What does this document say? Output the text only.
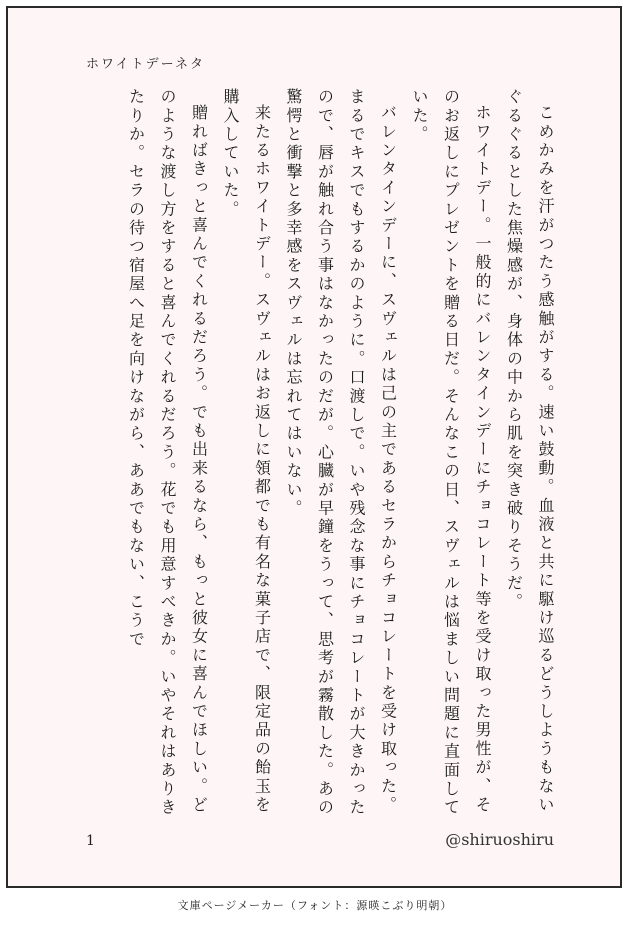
ホワイトデーネタ

こめかみを汗がつたう感触がする。速い鼓動。血液と共に駆け巡るどうしようもないぐるぐるとした焦燥感が、身体の中から肌を突き破りそうだ。

ホワイトデー。一般的にバレンタインデーにチョコレート等を受け取った男性が、そのお返しにプレゼントを贈る日だ。そんなこの日、スヴェルは悩ましい問題に直面していた。

バレンタインデーに、スヴェルは己の主であるセラからチョコレートを受け取った。まるでキスでもするかのように。口渡しで。いや残念な事にチョコレートが大きかったので、唇が触れ合う事はなかったのだが。心臓が早鐘をうって、思考が霧散した。あの驚愕と衝撃と多幸感をスヴェルは忘れてはいない。

来たるホワイトデー。スヴェルはお返しに領都でも有名な菓子店で、限定品の飴玉を購入していた。

贈ればきっと喜んでくれるだろう。でも出来るなら、もっと彼女に喜んでほしい。どのような渡し方をすると喜んでくれるだろう。花でも用意すべきか。いやそれはありきたりか。セラの待つ宿屋へ足を向けながら、ああでもない、こうで

1	@shiruoshiru
文庫ページメーカー（フォント：源暎こぶり明朝）
